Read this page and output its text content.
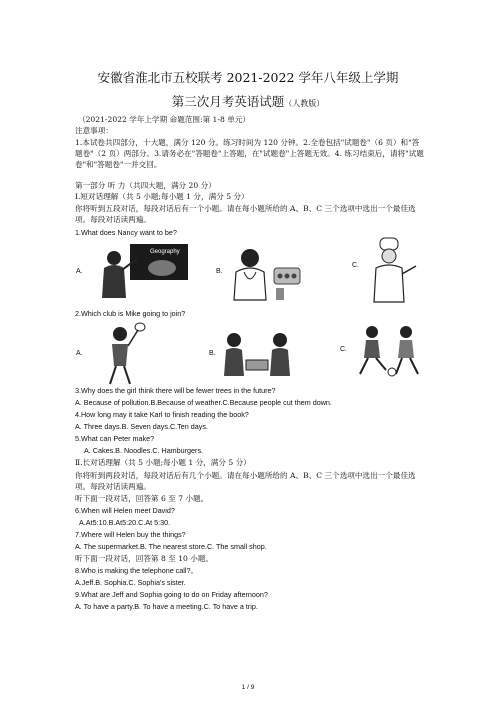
安徽省淮北市五校联考 2021-2022 学年八年级上学期
第三次月考英语试题（人教版）
（2021-2022 学年上学期 命题范围:第 1-8 单元）
注意事项：
1.本试卷共四部分，十大题，满分 120 分。练习时间为 120 分钟。2.全卷包括"试题卷"（6 页）和"答题卷"（2 页）两部分。3.请务必在"答题卷"上答题，在"试题卷"上答题无效。4. 练习结束后，请将"试题卷"和"答题卷"一并交回。
第一部分 听 力（共四大题，满分 20 分）
Ⅰ.短对话理解（共 5 小题;每小题 1 分，满分 5 分）
你将听到五段对话，每段对话后有一个小题。请在每小题所给的 A、B、C 三个选项中选出一个最佳选项。每段对话读两遍。
1.What does Nancy want to be?
A.
Geography
B.
C.
2.Which club is Mike going to join?
A.	B.
C.
3.Why does the girl think there will be fewer trees in the future?
A. Because of pollution.B.Because of weather.C.Because people cut them down.
4.How long may it take Karl to finish reading the book?
A. Three days.B. Seven days.C.Ten days.
5.What can Peter make?
A. Cakes.B. Noodles.C. Hamburgers.
Ⅱ.长对话理解（共 5 小题;每小题 1 分，满分 5 分）
你将听到两段对话，每段对话后有几个小题。请在每小题所给的 A、B、C 三个选项中选出一个最佳选项。每段对话读两遍。
听下面一段对话，回答第 6 至 7 小题。
6.When will Helen meet David?
A.At5:10.B.At5:20.C.At 5:30.
7.Where will Helen buy the things?
A. The supermarket.B. The nearest store.C. The small shop.
听下面一段对话，回答第 8 至 10 小题。
8.Who is making the telephone call?。
A.Jeff.B. Sophia.C. Sophia's sister.
9.What are Jeff and Sophia going to do on Friday afternoon?
A. To have a party.B. To have a meeting.C. To have a trip.
1 / 9
